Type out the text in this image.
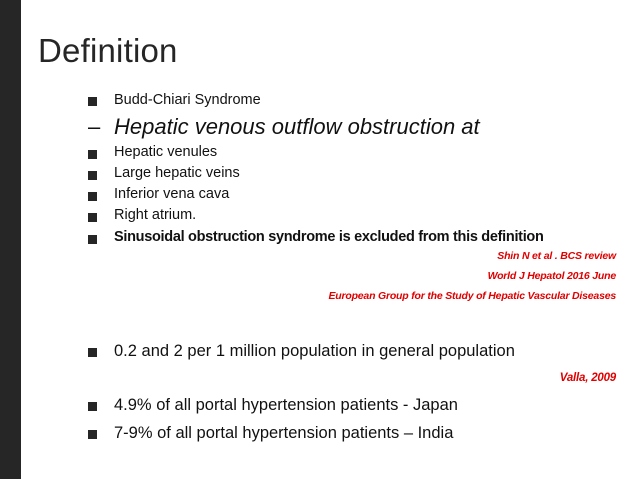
Definition
Budd-Chiari Syndrome
– Hepatic venous outflow obstruction at
Hepatic venules
Large hepatic veins
Inferior vena cava
Right atrium.
Sinusoidal obstruction syndrome is excluded from this definition
Shin N et al . BCS review
World J Hepatol 2016 June
European Group for the Study of Hepatic Vascular Diseases
0.2 and 2 per 1 million population in general population
Valla, 2009
4.9% of all portal hypertension patients - Japan
7-9% of all portal hypertension patients – India
